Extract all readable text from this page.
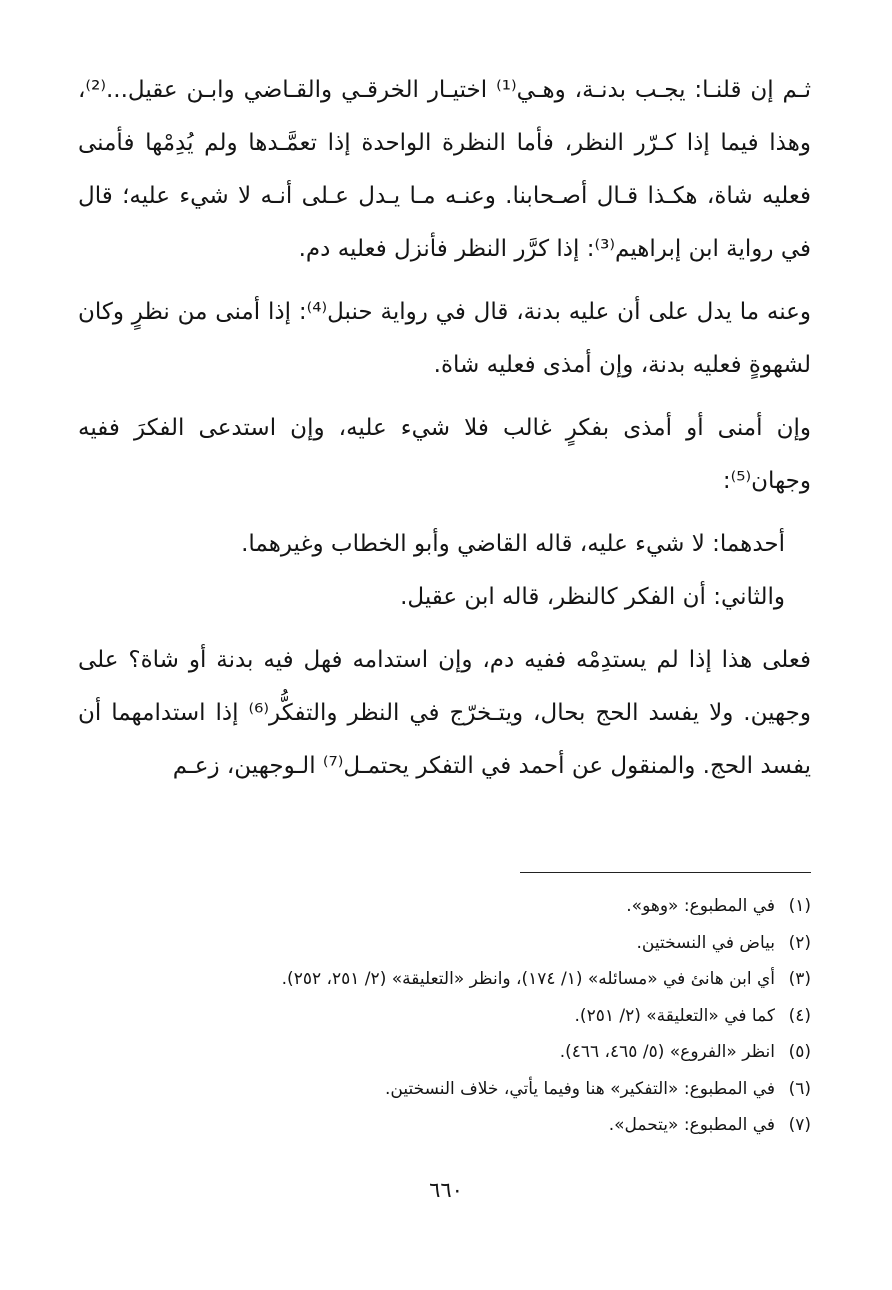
ثـم إن قلنـا: يجـب بدنـة، وهـي⁽¹⁾ اختيـار الخرقـي والقـاضي وابـن عقيل...⁽²⁾، وهذا فيما إذا كـرّر النظر، فأما النظرة الواحدة إذا تعمَّـدها ولم يُدِمْها فأمنى فعليه شاة، هكـذا قـال أصـحابنا. وعنـه مـا يـدل عـلى أنـه لا شيء عليه؛ قال في رواية ابن إبراهيم⁽³⁾: إذا كرَّر النظر فأنزل فعليه دم.

وعنه ما يدل على أن عليه بدنة، قال في رواية حنبل⁽⁴⁾: إذا أمنى من نظرٍ وكان لشهوةٍ فعليه بدنة، وإن أمذى فعليه شاة.

وإن أمنى أو أمذى بفكرٍ غالب فلا شيء عليه، وإن استدعى الفكرَ ففيه وجهان⁽⁵⁾:

أحدهما: لا شيء عليه، قاله القاضي وأبو الخطاب وغيرهما.

والثاني: أن الفكر كالنظر، قاله ابن عقيل.

فعلى هذا إذا لم يستدِمْه ففيه دم، وإن استدامه فهل فيه بدنة أو شاة؟ على وجهين. ولا يفسد الحج بحال، ويتـخرّج في النظر والتفكُّر⁽⁶⁾ إذا استدامهما أن يفسد الحج. والمنقول عن أحمد في التفكر يحتمـل⁽⁷⁾ الـوجهين، زعـم

(١)
في المطبوع: «وهو».
(٢)
بياض في النسختين.
(٣)
أي ابن هانئ في «مسائله» (١/ ١٧٤)، وانظر «التعليقة» (٢/ ٢٥١، ٢٥٢).
(٤)
كما في «التعليقة» (٢/ ٢٥١).
(٥)
انظر «الفروع» (٥/ ٤٦٥، ٤٦٦).
(٦)
في المطبوع: «التفكير» هنا وفيما يأتي، خلاف النسختين.
(٧)
في المطبوع: «يتحمل».
٦٦٠
